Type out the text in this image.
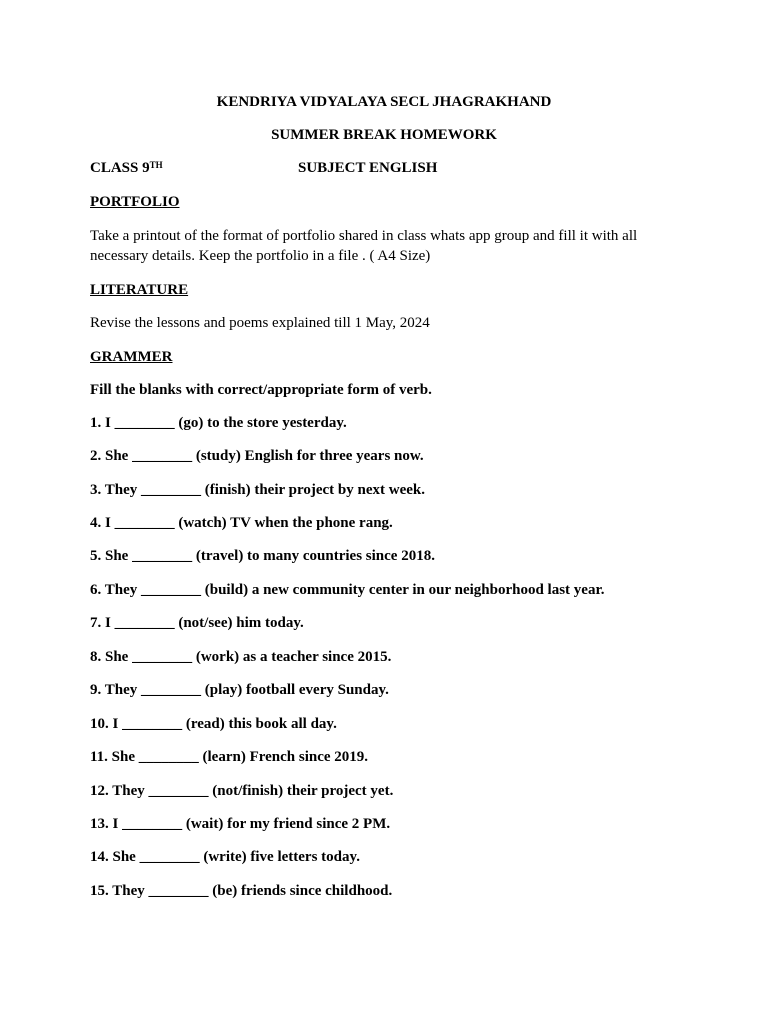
KENDRIYA VIDYALAYA SECL JHAGRAKHAND
SUMMER BREAK HOMEWORK
CLASS 9TH	SUBJECT ENGLISH
PORTFOLIO
Take a printout of the format of portfolio shared in class whats app group and fill it with all necessary details. Keep the portfolio in a file . ( A4 Size)
LITERATURE
Revise the lessons and poems explained till 1 May, 2024
GRAMMER
Fill the blanks with correct/appropriate form of verb.
1. I ________ (go) to the store yesterday.
2. She ________ (study) English for three years now.
3. They ________ (finish) their project by next week.
4. I ________ (watch) TV when the phone rang.
5. She ________ (travel) to many countries since 2018.
6. They ________ (build) a new community center in our neighborhood last year.
7. I ________ (not/see) him today.
8. She ________ (work) as a teacher since 2015.
9. They ________ (play) football every Sunday.
10. I ________ (read) this book all day.
11. She ________ (learn) French since 2019.
12. They ________ (not/finish) their project yet.
13. I ________ (wait) for my friend since 2 PM.
14. She ________ (write) five letters today.
15. They ________ (be) friends since childhood.
